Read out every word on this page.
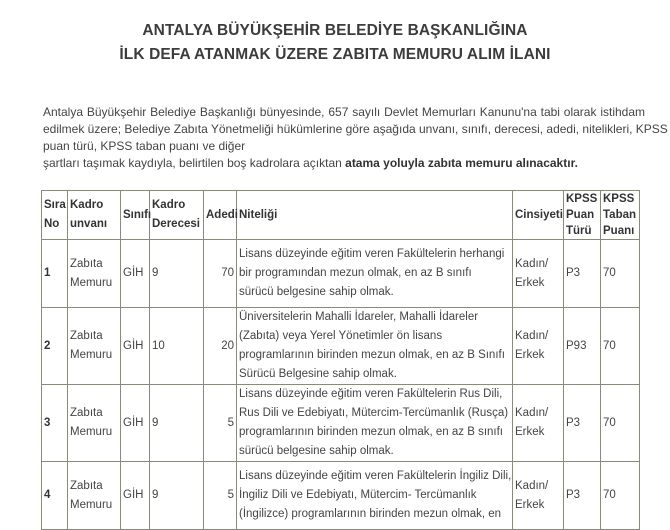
ANTALYA BÜYÜKŞEHİR BELEDİYE BAŞKANLIĞINA
İLK DEFA ATANMAK ÜZERE ZABITA MEMURU ALIM İLANI
Antalya Büyükşehir Belediye Başkanlığı bünyesinde, 657 sayılı Devlet Memurları Kanunu'na tabi olarak istihdam
edilmek üzere; Belediye Zabıta Yönetmeliği hükümlerine göre aşağıda unvanı, sınıfı, derecesi, adedi, nitelikleri, KPSS
puan türü, KPSS taban puanı ve diğer
şartları taşımak kaydıyla, belirtilen boş kadrolara açıktan atama yoluyla zabıta memuru alınacaktır.
Sıra
No	Kadro
unvanı	Sınıfı	Kadro
Derecesi	Adedi	Niteliği	Cinsiyeti	KPSS
Puan
Türü	KPSS
Taban
Puanı
1	Zabıta
Memuru	GİH	9	70	Lisans düzeyinde eğitim veren Fakültelerin herhangi
bir programından mezun olmak, en az B sınıfı
sürücü belgesine sahip olmak.	Kadın/
Erkek	P3	70
2	Zabıta
Memuru	GİH	10	20	Üniversitelerin Mahalli İdareler, Mahalli İdareler
(Zabıta) veya Yerel Yönetimler ön lisans
programlarının birinden mezun olmak, en az B Sınıfı
Sürücü Belgesine sahip olmak.	Kadın/
Erkek	P93	70
3	Zabıta
Memuru	GİH	9	5	Lisans düzeyinde eğitim veren Fakültelerin Rus Dili,
Rus Dili ve Edebiyatı, Mütercim-Tercümanlık (Rusça)
programlarının birinden mezun olmak, en az B sınıfı
sürücü belgesine sahip olmak.	Kadın/
Erkek	P3	70
4	Zabıta
Memuru	GİH	9	5	Lisans düzeyinde eğitim veren Fakültelerin İngiliz Dili,
İngiliz Dili ve Edebiyatı, Mütercim- Tercümanlık
(İngilizce) programlarının birinden mezun olmak, en	Kadın/
Erkek	P3	70
